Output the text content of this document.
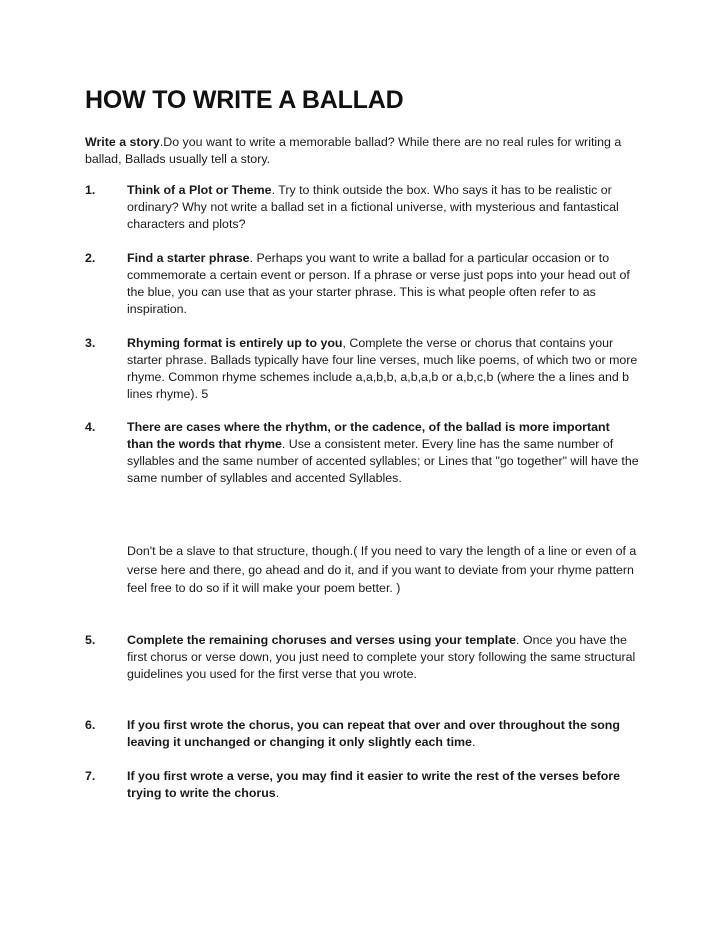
HOW TO WRITE A BALLAD

Write a story.Do you want to write a memorable ballad? While there are no real rules for writing a ballad, Ballads usually tell a story.

1.	Think of a Plot or Theme. Try to think outside the box. Who says it has to be realistic or ordinary? Why not write a ballad set in a fictional universe, with mysterious and fantastical characters and plots?
2.	Find a starter phrase. Perhaps you want to write a ballad for a particular occasion or to commemorate a certain event or person. If a phrase or verse just pops into your head out of the blue, you can use that as your starter phrase. This is what people often refer to as inspiration.
3.	Rhyming format is entirely up to you, Complete the verse or chorus that contains your starter phrase. Ballads typically have four line verses, much like poems, of which two or more rhyme. Common rhyme schemes include a,a,b,b, a,b,a,b or a,b,c,b (where the a lines and b lines rhyme). 5
4.	There are cases where the rhythm, or the cadence, of the ballad is more important than the words that rhyme. Use a consistent meter. Every line has the same number of syllables and the same number of accented syllables; or Lines that "go together" will have the same number of syllables and accented Syllables.
Don't be a slave to that structure, though.( If you need to vary the length of a line or even of a verse here and there, go ahead and do it, and if you want to deviate from your rhyme pattern feel free to do so if it will make your poem better. )
5.	Complete the remaining choruses and verses using your template. Once you have the first chorus or verse down, you just need to complete your story following the same structural guidelines you used for the first verse that you wrote.
6.	If you first wrote the chorus, you can repeat that over and over throughout the song leaving it unchanged or changing it only slightly each time.
7.	If you first wrote a verse, you may find it easier to write the rest of the verses before trying to write the chorus.
